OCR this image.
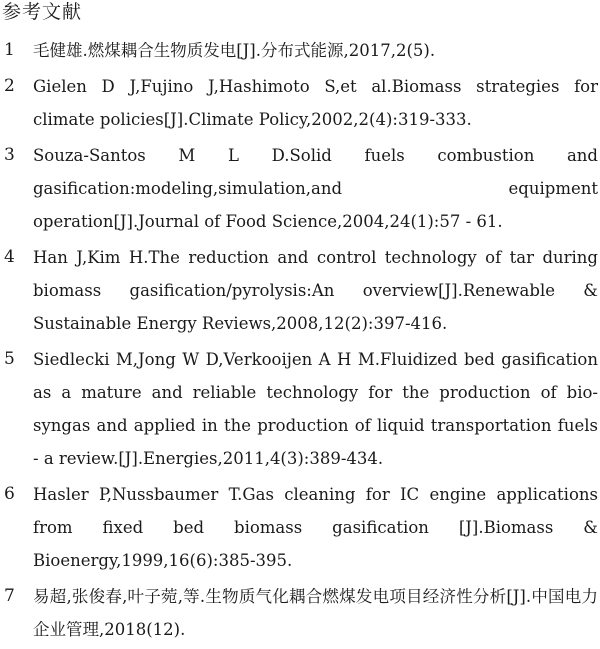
参考文献
1 毛健雄.燃煤耦合生物质发电[J].分布式能源,2017,2(5).
2 Gielen D J,Fujino J,Hashimoto S,et al.Biomass strategies for climate policies[J].Climate Policy,2002,2(4):319-333.
3 Souza-Santos M L D.Solid fuels combustion and gasification:modeling,simulation,and equipment operation[J].Journal of Food Science,2004,24(1):57 - 61.
4 Han J,Kim H.The reduction and control technology of tar during biomass gasification/pyrolysis:An overview[J].Renewable & Sustainable Energy Reviews,2008,12(2):397-416.
5 Siedlecki M,Jong W D,Verkooijen A H M.Fluidized bed gasification as a mature and reliable technology for the production of bio-syngas and applied in the production of liquid transportation fuels - a review.[J].Energies,2011,4(3):389-434.
6 Hasler P,Nussbaumer T.Gas cleaning for IC engine applications from fixed bed biomass gasification [J].Biomass & Bioenergy,1999,16(6):385-395.
7 易超,张俊春,叶子菀,等.生物质气化耦合燃煤发电项目经济性分析[J].中国电力企业管理,2018(12).
